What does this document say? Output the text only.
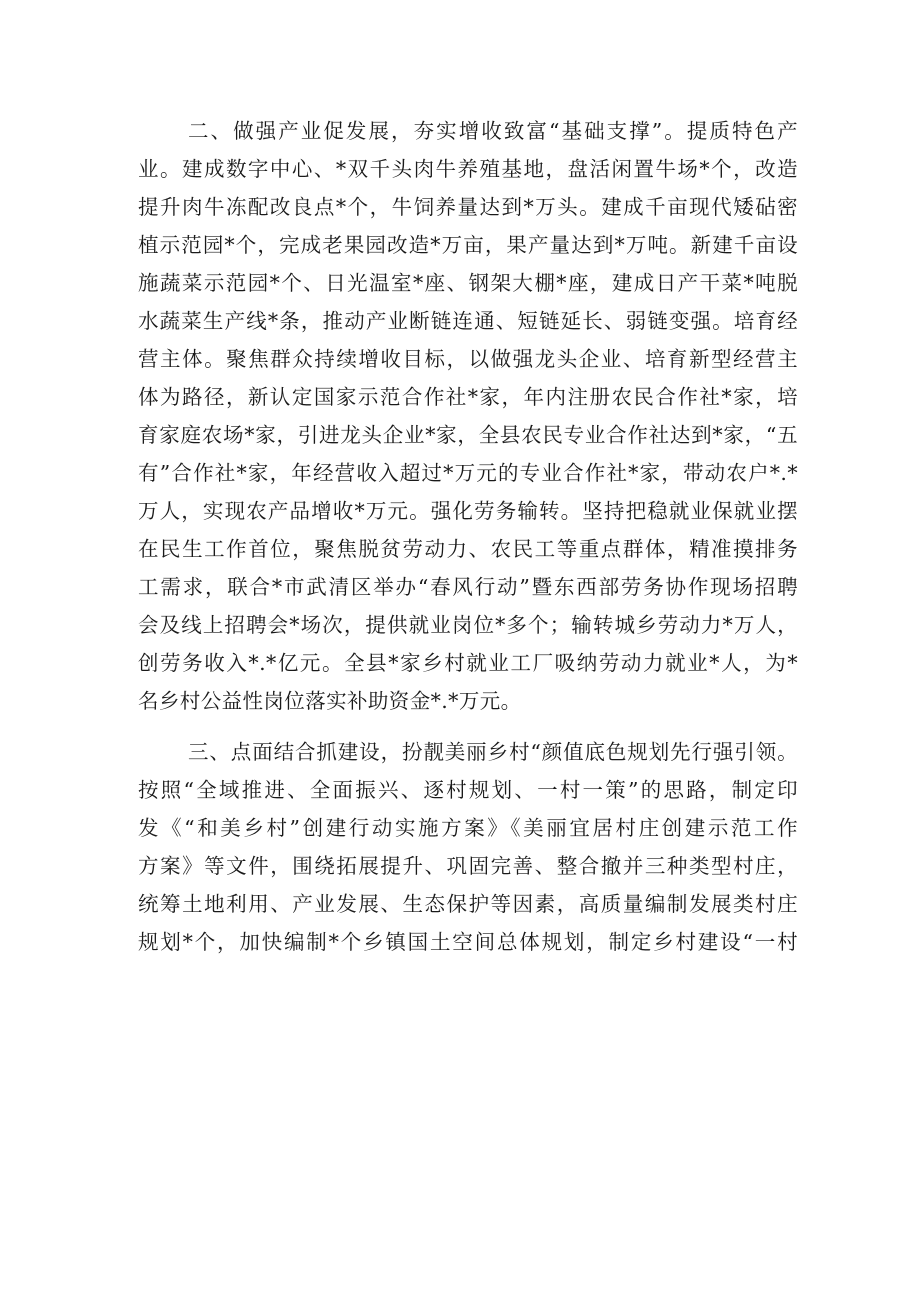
二、做强产业促发展，夯实增收致富“基础支撑”。提质特色产
业。建成数字中心、*双千头肉牛养殖基地，盘活闲置牛场*个，改造
提升肉牛冻配改良点*个，牛饲养量达到*万头。建成千亩现代矮砧密
植示范园*个，完成老果园改造*万亩，果产量达到*万吨。新建千亩设
施蔬菜示范园*个、日光温室*座、钢架大棚*座，建成日产干菜*吨脱
水蔬菜生产线*条，推动产业断链连通、短链延长、弱链变强。培育经
营主体。聚焦群众持续增收目标，以做强龙头企业、培育新型经营主
体为路径，新认定国家示范合作社*家，年内注册农民合作社*家，培
育家庭农场*家，引进龙头企业*家，全县农民专业合作社达到*家，“五
有”合作社*家，年经营收入超过*万元的专业合作社*家，带动农户*.*
万人，实现农产品增收*万元。强化劳务输转。坚持把稳就业保就业摆
在民生工作首位，聚焦脱贫劳动力、农民工等重点群体，精准摸排务
工需求，联合*市武清区举办“春风行动”暨东西部劳务协作现场招聘
会及线上招聘会*场次，提供就业岗位*多个；输转城乡劳动力*万人，
创劳务收入*.*亿元。全县*家乡村就业工厂吸纳劳动力就业*人，为*
名乡村公益性岗位落实补助资金*.*万元。
三、点面结合抓建设，扮靓美丽乡村“颜值底色规划先行强引领。
按照“全域推进、全面振兴、逐村规划、一村一策”的思路，制定印
发《“和美乡村”创建行动实施方案》《美丽宜居村庄创建示范工作
方案》等文件，围绕拓展提升、巩固完善、整合撤并三种类型村庄，
统筹土地利用、产业发展、生态保护等因素，高质量编制发展类村庄
规划*个，加快编制*个乡镇国土空间总体规划，制定乡村建设“一村
